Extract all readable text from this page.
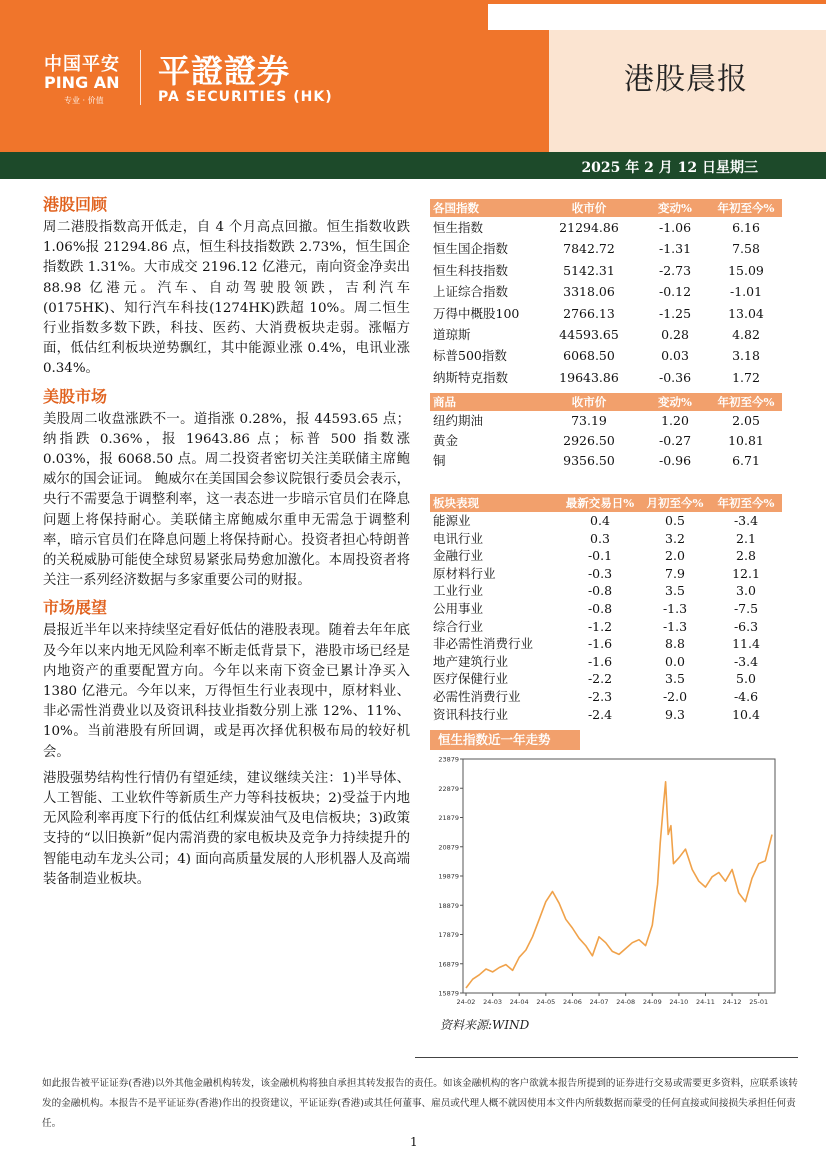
港股晨报
中国平安
PING AN
专业 · 价值
平證證券
PA SECURITIES (HK)
2025 年 2 月 12 日星期三
港股回顾

周二港股指数高开低走，自 4 个月高点回撤。恒生指数收跌 1.06%报 21294.86 点，恒生科技指数跌 2.73%，恒生国企指数跌 1.31%。大市成交 2196.12 亿港元，南向资金净卖出 88.98 亿港元。汽车、自动驾驶股领跌，吉利汽车(0175HK)、知行汽车科技(1274HK)跌超 10%。周二恒生行业指数多数下跌，科技、医药、大消费板块走弱。涨幅方面，低估红利板块逆势飘红，其中能源业涨 0.4%，电讯业涨 0.34%。

美股市场

美股周二收盘涨跌不一。道指涨 0.28%，报 44593.65 点；纳指跌 0.36%，报 19643.86 点；标普 500 指数涨 0.03%，报 6068.50 点。周二投资者密切关注美联储主席鲍威尔的国会证词。 鲍威尔在美国国会参议院银行委员会表示，央行不需要急于调整利率，这一表态进一步暗示官员们在降息问题上将保持耐心。美联储主席鲍威尔重申无需急于调整利率，暗示官员们在降息问题上将保持耐心。投资者担心特朗普的关税威胁可能使全球贸易紧张局势愈加激化。本周投资者将关注一系列经济数据与多家重要公司的财报。

市场展望

晨报近半年以来持续坚定看好低估的港股表现。随着去年年底及今年以来内地无风险利率不断走低背景下，港股市场已经是内地资产的重要配置方向。今年以来南下资金已累计净买入 1380 亿港元。今年以来，万得恒生行业表现中，原材料业、非必需性消费业以及资讯科技业指数分别上涨 12%、11%、10%。当前港股有所回调，或是再次择优积极布局的较好机会。

港股强势结构性行情仍有望延续，建议继续关注：1)半导体、人工智能、工业软件等新质生产力等科技板块；2)受益于内地无风险利率再度下行的低估红利煤炭油气及电信板块；3)政策支持的“以旧换新”促内需消费的家电板块及竞争力持续提升的智能电动车龙头公司；4) 面向高质量发展的人形机器人及高端装备制造业板块。

各国指数	收市价	变动%	年初至今%
恒生指数	21294.86	-1.06	6.16
恒生国企指数	7842.72	-1.31	7.58
恒生科技指数	5142.31	-2.73	15.09
上证综合指数	3318.06	-0.12	-1.01
万得中概股100	2766.13	-1.25	13.04
道琼斯	44593.65	0.28	4.82
标普500指数	6068.50	0.03	3.18
纳斯特克指数	19643.86	-0.36	1.72
商品	收市价	变动%	年初至今%
纽约期油	73.19	1.20	2.05
黄金	2926.50	-0.27	10.81
铜	9356.50	-0.96	6.71
板块表现	最新交易日%	月初至今%	年初至今%
能源业	0.4	0.5	-3.4
电讯行业	0.3	3.2	2.1
金融行业	-0.1	2.0	2.8
原材料行业	-0.3	7.9	12.1
工业行业	-0.8	3.5	3.0
公用事业	-0.8	-1.3	-7.5
综合行业	-1.2	-1.3	-6.3
非必需性消费行业	-1.6	8.8	11.4
地产建筑行业	-1.6	0.0	-3.4
医疗保健行业	-2.2	3.5	5.0
必需性消费行业	-2.3	-2.0	-4.6
资讯科技行业	-2.4	9.3	10.4
恒生指数近一年走势
15879
16879
17879
18879
19879
20879
21879
22879
23879
24-02 24-03 24-04 24-05 24-06 24-07 24-08 24-09 24-10 24-11 24-12 25-01
资料来源:WIND
如此报告被平证证券(香港)以外其他金融机构转发，该金融机构将独自承担其转发报告的责任。如该金融机构的客户欲就本报告所提到的证券进行交易或需要更多资料，应联系该转发的金融机构。本报告不是平证证券(香港)作出的投资建议，平证证券(香港)或其任何董事、雇员或代理人概不就因使用本文件内所载数据而蒙受的任何直接或间接损失承担任何责任。
1
